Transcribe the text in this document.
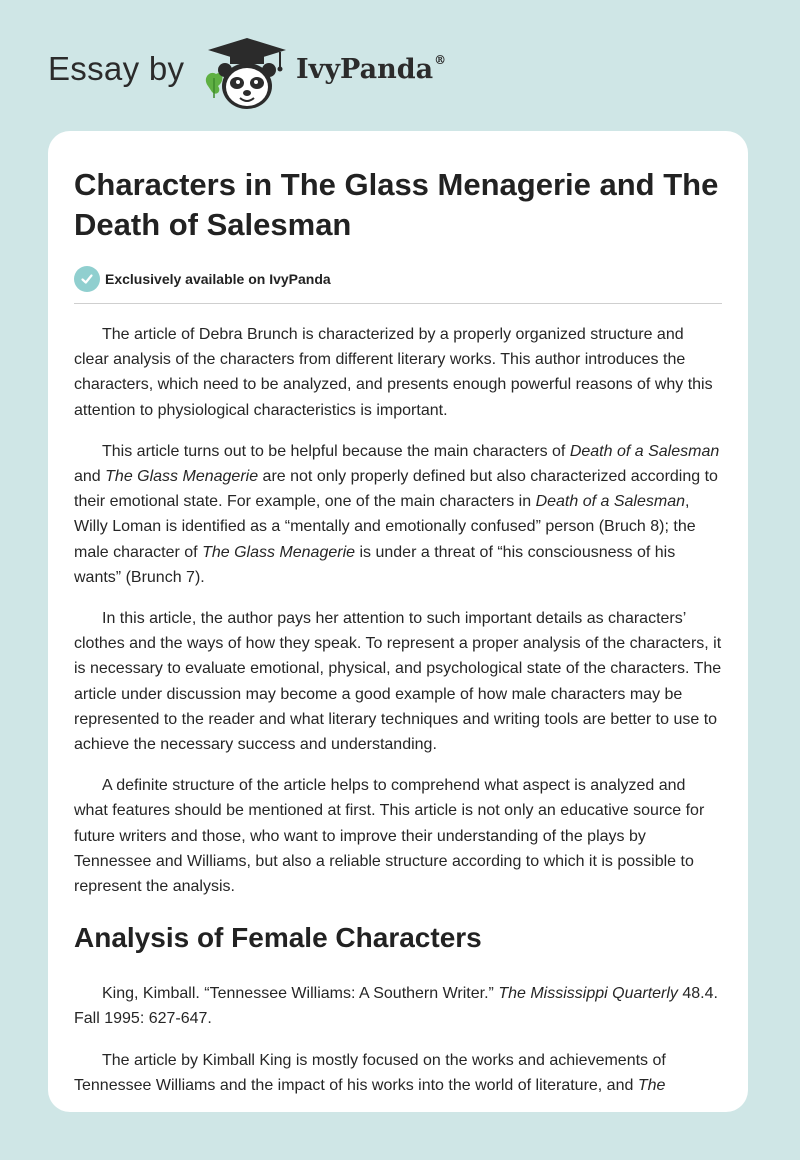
Essay by	IvyPanda®
Characters in The Glass Menagerie and The Death of Salesman
Exclusively available on IvyPanda

The article of Debra Brunch is characterized by a properly organized structure and clear analysis of the characters from different literary works. This author introduces the characters, which need to be analyzed, and presents enough powerful reasons of why this attention to physiological characteristics is important.

This article turns out to be helpful because the main characters of Death of a Salesman and The Glass Menagerie are not only properly defined but also characterized according to their emotional state. For example, one of the main characters in Death of a Salesman, Willy Loman is identified as a “mentally and emotionally confused” person (Bruch 8); the male character of The Glass Menagerie is under a threat of “his consciousness of his wants” (Brunch 7).

In this article, the author pays her attention to such important details as characters’ clothes and the ways of how they speak. To represent a proper analysis of the characters, it is necessary to evaluate emotional, physical, and psychological state of the characters. The article under discussion may become a good example of how male characters may be represented to the reader and what literary techniques and writing tools are better to use to achieve the necessary success and understanding.

A definite structure of the article helps to comprehend what aspect is analyzed and what features should be mentioned at first. This article is not only an educative source for future writers and those, who want to improve their understanding of the plays by Tennessee and Williams, but also a reliable structure according to which it is possible to represent the analysis.

Analysis of Female Characters

King, Kimball. “Tennessee Williams: A Southern Writer.” The Mississippi Quarterly 48.4. Fall 1995: 627-647.

The article by Kimball King is mostly focused on the works and achievements of Tennessee Williams and the impact of his works into the world of literature, and The
